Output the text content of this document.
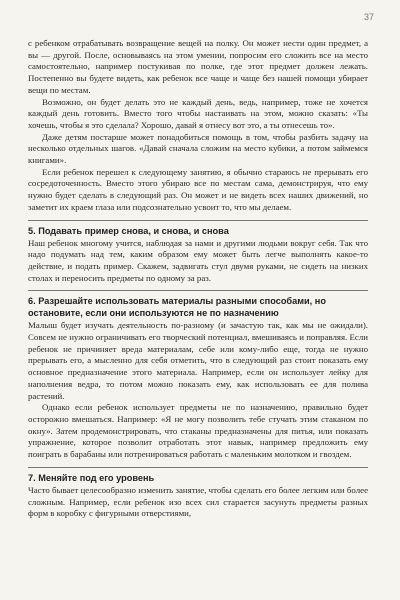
37

с ребенком отрабатывать возвращение вещей на полку. Он может нести один предмет, а вы — другой. После, основываясь на этом умении, попросим его сложить все на место самостоятельно, например постукивая по полке, где этот предмет должен лежать. Постепенно вы будете видеть, как ребенок все чаще и чаще без нашей помощи убирает вещи по местам.

Возможно, он будет делать это не каждый день, ведь, например, тоже не хочется каждый день готовить. Вместо того чтобы настаивать на этом, можно сказать: «Ты хочешь, чтобы я это сделала? Хорошо, давай я отнесу вот это, а ты отнесешь то».

Даже детям постарше может понадобиться помощь в том, чтобы разбить задачу на несколько отдельных шагов. «Давай сначала сложим на место кубики, а потом займемся книгами».

Если ребенок перешел к следующему занятию, я обычно стараюсь не прерывать его сосредоточенность. Вместо этого убираю все по местам сама, демонстрируя, что ему нужно будет сделать в следующий раз. Он может и не видеть всех наших движений, но заметит их краем глаза или подсознательно усвоит то, что мы делаем.

5. Подавать пример снова, и снова, и снова

Наш ребенок многому учится, наблюдая за нами и другими людьми вокруг себя. Так что надо подумать над тем, каким образом ему может быть легче выполнять какое-то действие, и подать пример. Скажем, задвигать стул двумя руками, не сидеть на низких столах и переносить предметы по одному за раз.

6. Разрешайте использовать материалы разными способами, но остановите, если они используются не по назначению

Малыш будет изучать деятельность по-разному (и зачастую так, как мы не ожидали). Совсем не нужно ограничивать его творческий потенциал, вмешиваясь и поправляя. Если ребенок не причиняет вреда материалам, себе или кому-либо еще, тогда не нужно прерывать его, а мысленно для себя отметить, что в следующий раз стоит показать ему основное предназначение этого материала. Например, если он использует лейку для наполнения ведра, то потом можно показать ему, как использовать ее для полива растений.

Однако если ребенок использует предметы не по назначению, правильно будет осторожно вмешаться. Например: «Я не могу позволить тебе стучать этим стаканом по окну». Затем продемонстрировать, что стаканы предназначены для питья, или показать упражнение, которое позволит отработать этот навык, например предложить ему поиграть в барабаны или потренироваться работать с маленьким молотком и гвоздем.

7. Меняйте под его уровень

Часто бывает целесообразно изменить занятие, чтобы сделать его более легким или более сложным. Например, если ребенок изо всех сил старается засунуть предметы разных форм в коробку с фигурными отверстиями,
